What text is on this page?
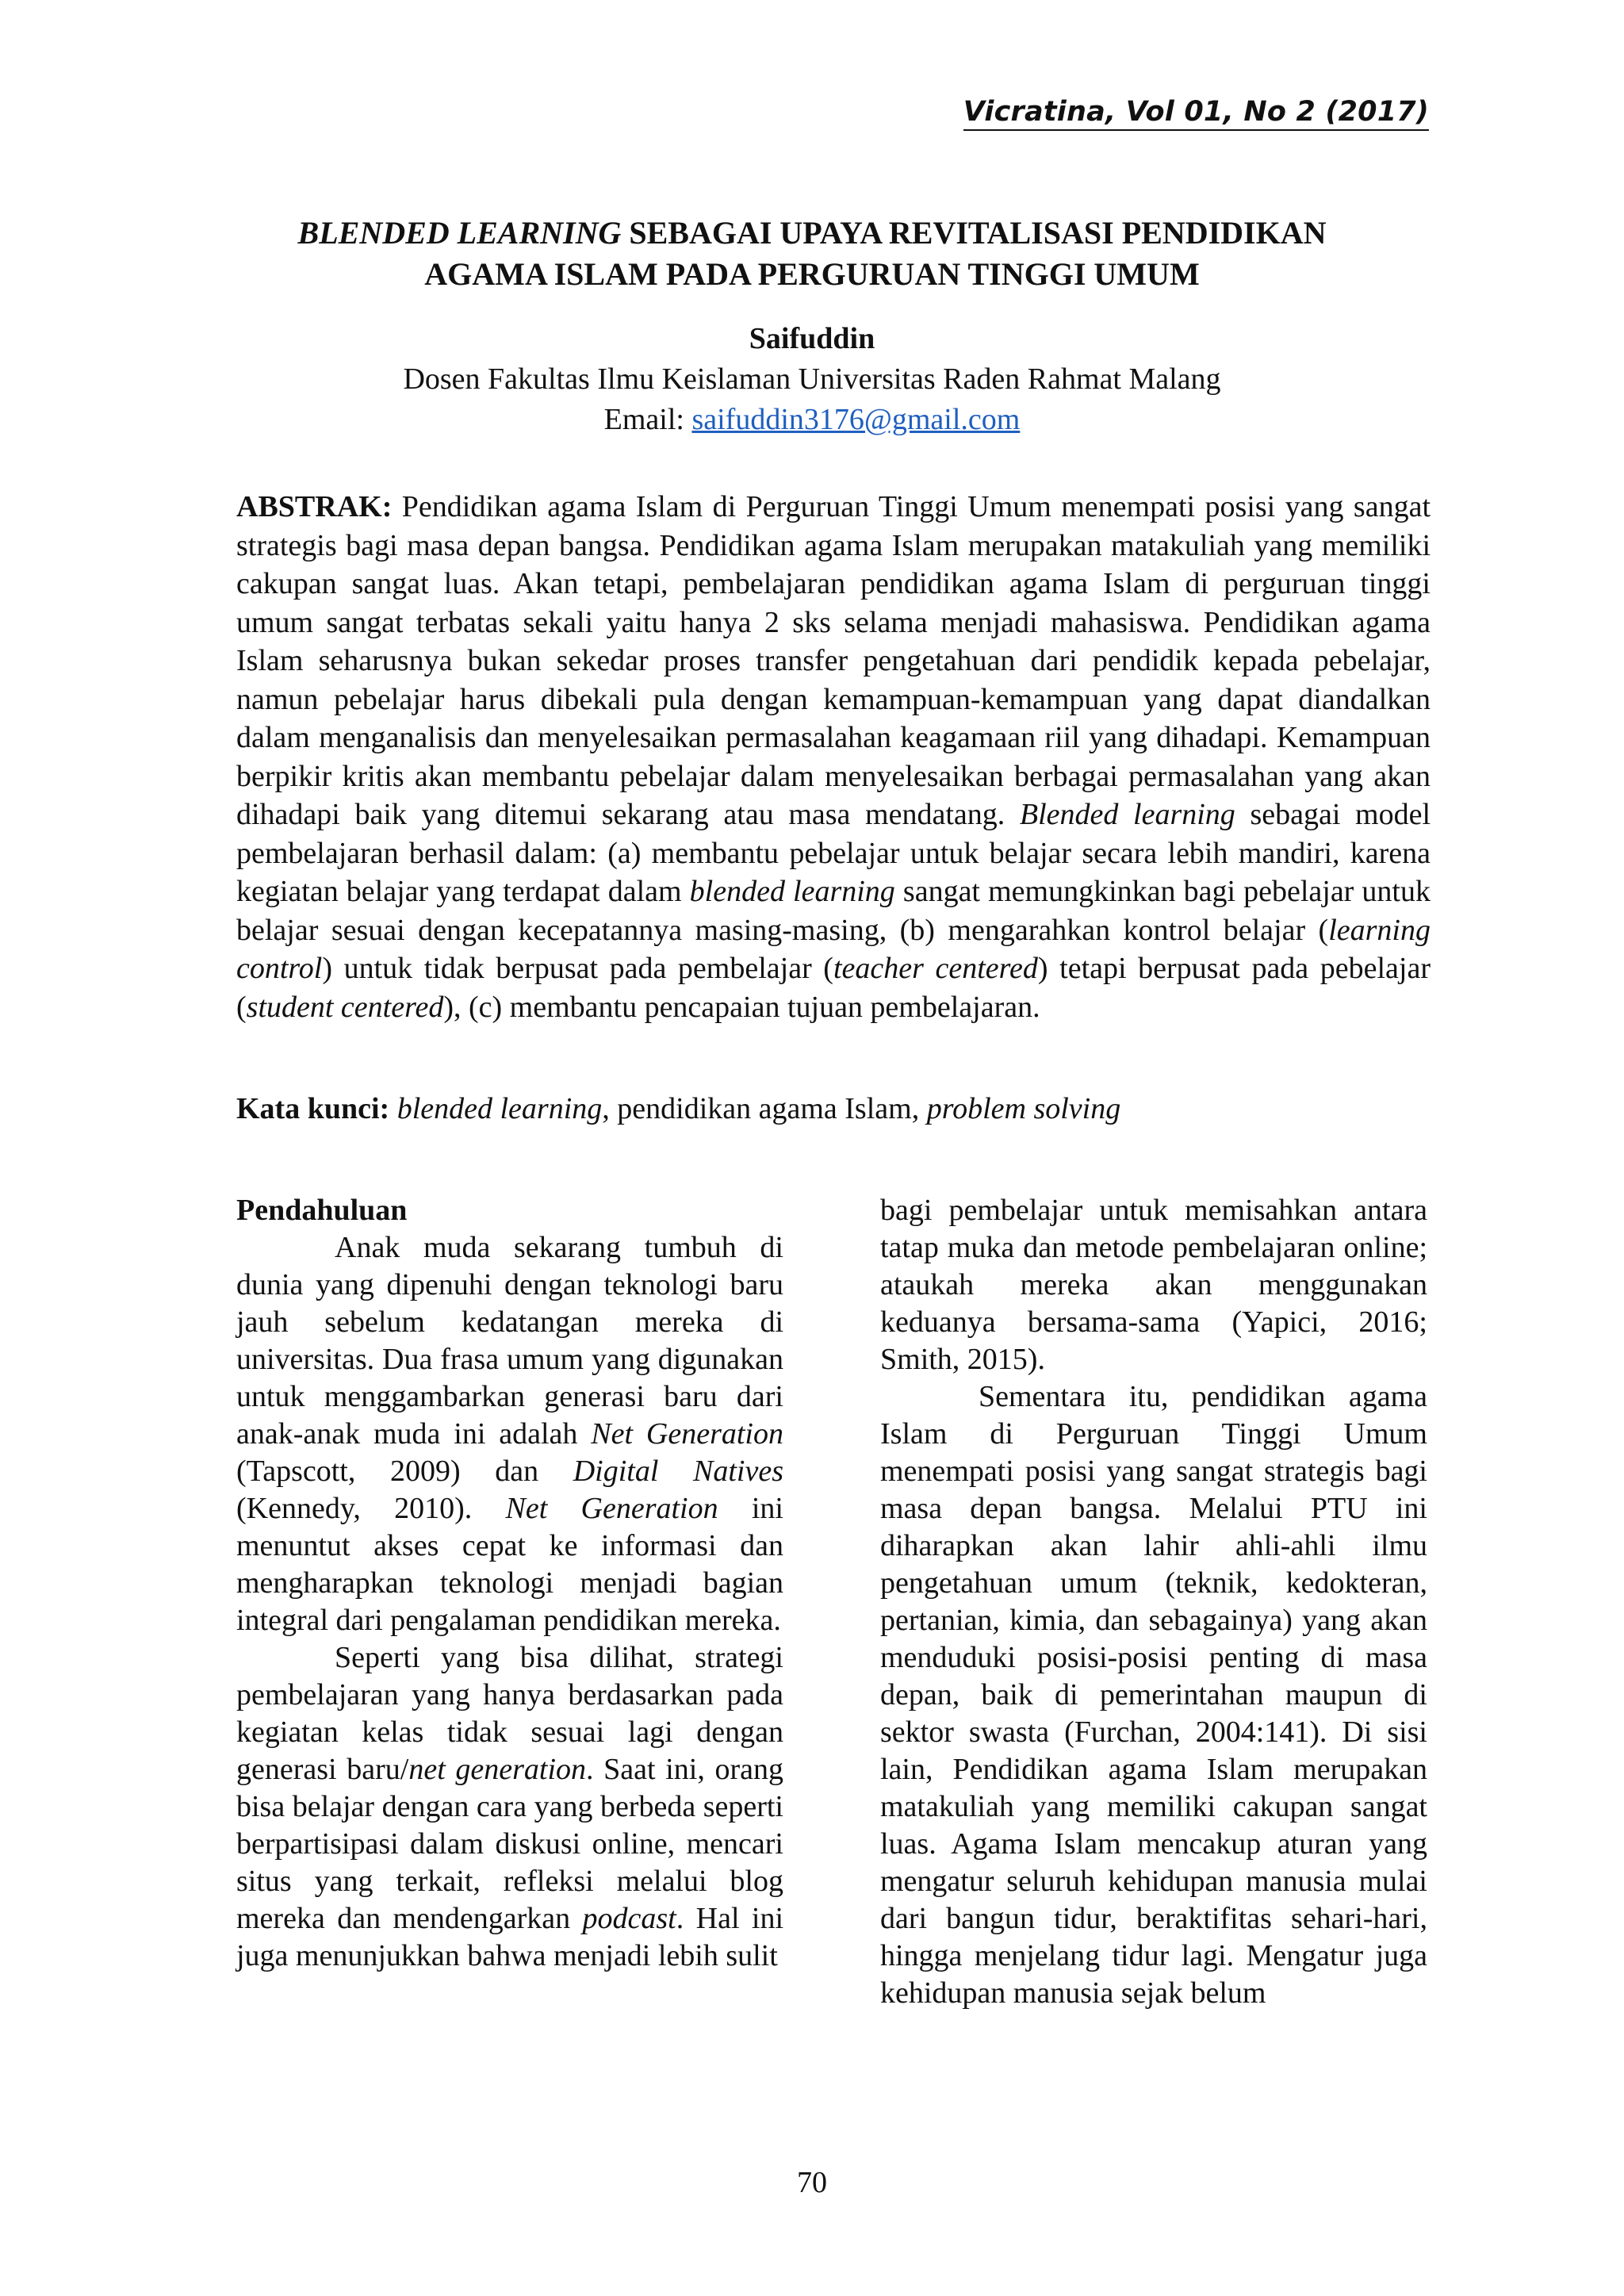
Vicratina, Vol 01, No 2 (2017)
BLENDED LEARNING SEBAGAI UPAYA REVITALISASI PENDIDIKAN
AGAMA ISLAM PADA PERGURUAN TINGGI UMUM
Saifuddin
Dosen Fakultas Ilmu Keislaman Universitas Raden Rahmat Malang
Email: saifuddin3176@gmail.com
ABSTRAK: Pendidikan agama Islam di Perguruan Tinggi Umum menempati posisi yang sangat strategis bagi masa depan bangsa. Pendidikan agama Islam merupakan matakuliah yang memiliki cakupan sangat luas. Akan tetapi, pembelajaran pendidikan agama Islam di perguruan tinggi umum sangat terbatas sekali yaitu hanya 2 sks selama menjadi mahasiswa. Pendidikan agama Islam seharusnya bukan sekedar proses transfer pengetahuan dari pendidik kepada pebelajar, namun pebelajar harus dibekali pula dengan kemampuan-kemampuan yang dapat diandalkan dalam menganalisis dan menyelesaikan permasalahan keagamaan riil yang dihadapi. Kemampuan berpikir kritis akan membantu pebelajar dalam menyelesaikan berbagai permasalahan yang akan dihadapi baik yang ditemui sekarang atau masa mendatang. Blended learning sebagai model pembelajaran berhasil dalam: (a) membantu pebelajar untuk belajar secara lebih mandiri, karena kegiatan belajar yang terdapat dalam blended learning sangat memungkinkan bagi pebelajar untuk belajar sesuai dengan kecepatannya masing-masing, (b) mengarahkan kontrol belajar (learning control) untuk tidak berpusat pada pembelajar (teacher centered) tetapi berpusat pada pebelajar (student centered), (c) membantu pencapaian tujuan pembelajaran.
Kata kunci: blended learning, pendidikan agama Islam, problem solving

Pendahuluan

Anak muda sekarang tumbuh di dunia yang dipenuhi dengan teknologi baru jauh sebelum kedatangan mereka di universitas. Dua frasa umum yang digunakan untuk menggambarkan generasi baru dari anak-anak muda ini adalah Net Generation (Tapscott, 2009) dan Digital Natives (Kennedy, 2010). Net Generation ini menuntut akses cepat ke informasi dan mengharapkan teknologi menjadi bagian integral dari pengalaman pendidikan mereka.

Seperti yang bisa dilihat, strategi pembelajaran yang hanya berdasarkan pada kegiatan kelas tidak sesuai lagi dengan generasi baru/net generation. Saat ini, orang bisa belajar dengan cara yang berbeda seperti berpartisipasi dalam diskusi online, mencari situs yang terkait, refleksi melalui blog mereka dan mendengarkan podcast. Hal ini juga menunjukkan bahwa menjadi lebih sulit

bagi pembelajar untuk memisahkan antara tatap muka dan metode pembelajaran online; ataukah mereka akan menggunakan keduanya bersama-sama (Yapici, 2016; Smith, 2015).

Sementara itu, pendidikan agama Islam di Perguruan Tinggi Umum menempati posisi yang sangat strategis bagi masa depan bangsa. Melalui PTU ini diharapkan akan lahir ahli-ahli ilmu pengetahuan umum (teknik, kedokteran, pertanian, kimia, dan sebagainya) yang akan menduduki posisi-posisi penting di masa depan, baik di pemerintahan maupun di sektor swasta (Furchan, 2004:141). Di sisi lain, Pendidikan agama Islam merupakan matakuliah yang memiliki cakupan sangat luas. Agama Islam mencakup aturan yang mengatur seluruh kehidupan manusia mulai dari bangun tidur, beraktifitas sehari-hari, hingga menjelang tidur lagi. Mengatur juga kehidupan manusia sejak belum

70
